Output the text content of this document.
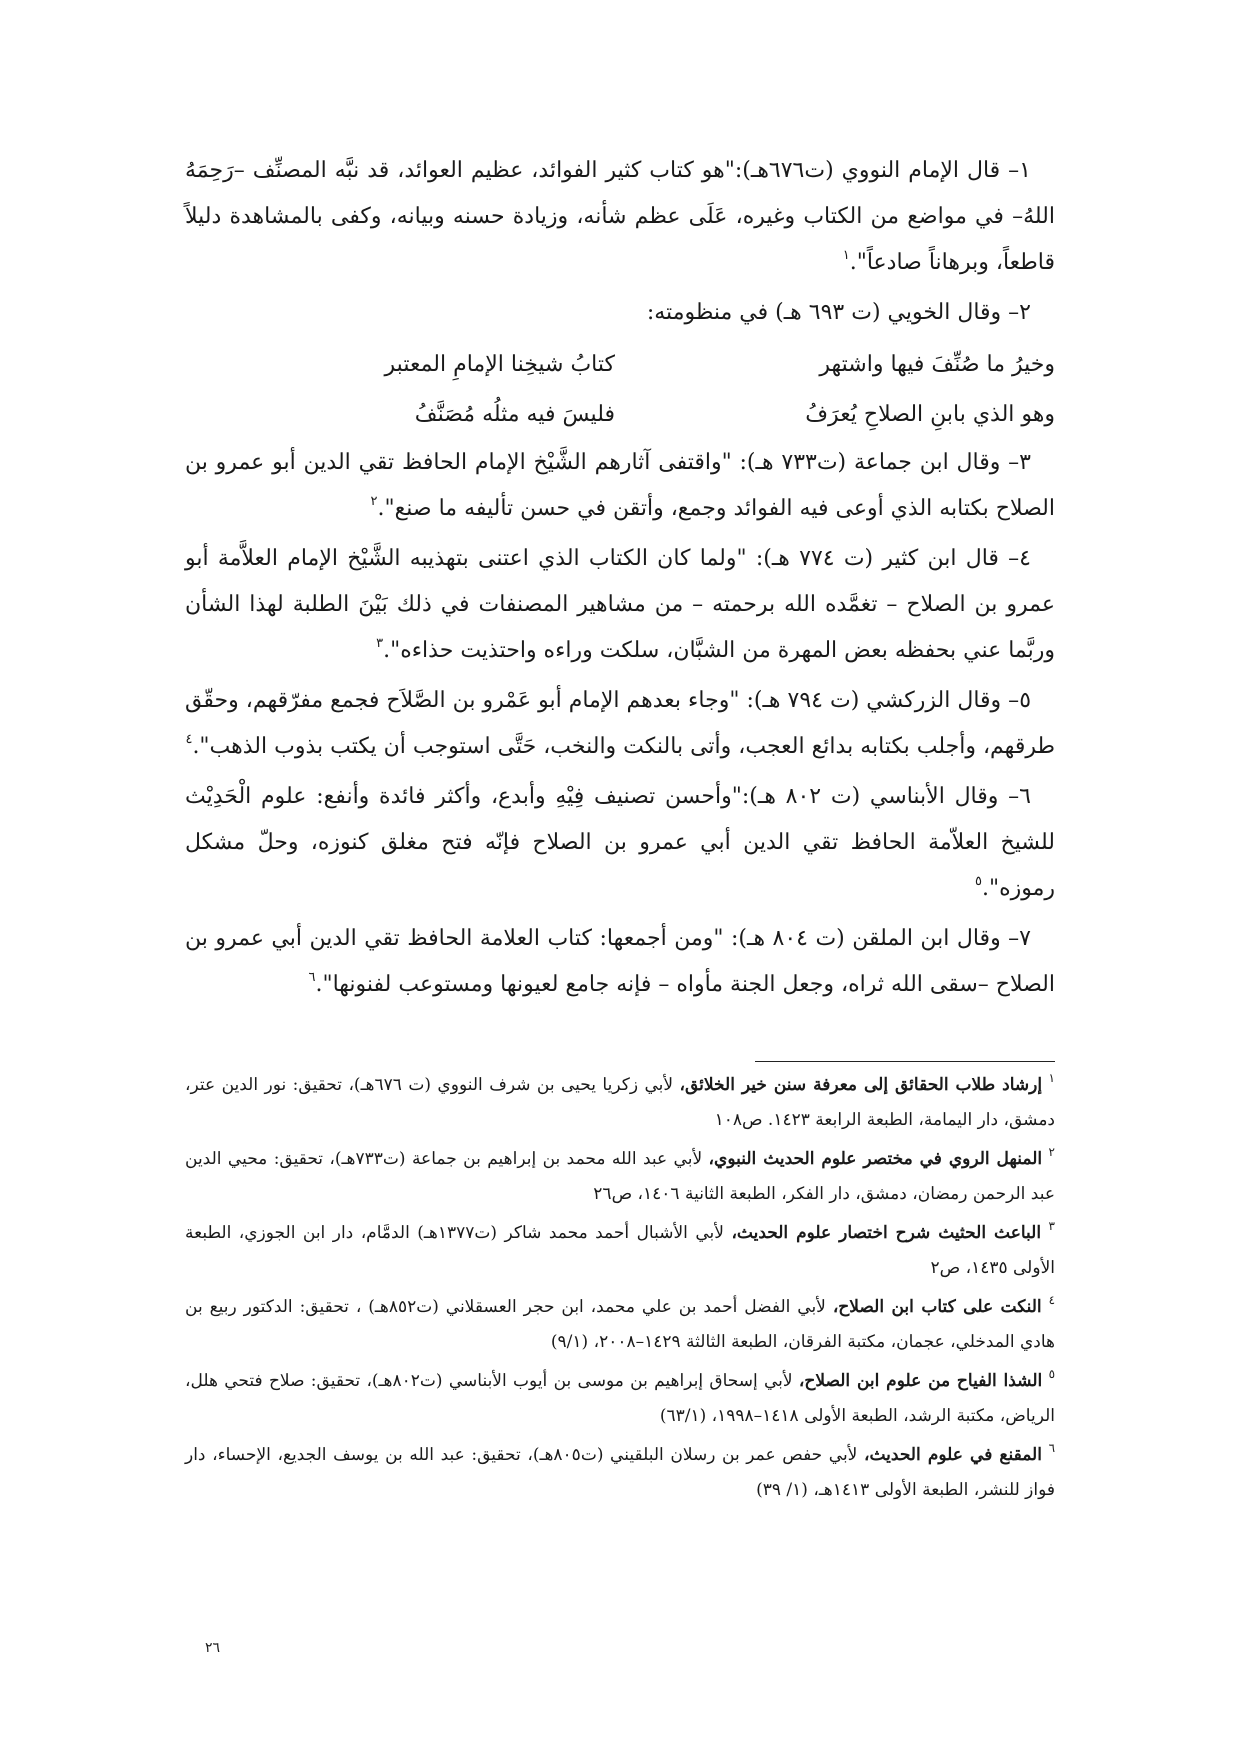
١– قال الإمام النووي (ت٦٧٦هـ):"هو كتاب كثير الفوائد، عظيم العوائد، قد نبَّه المصنِّف –رَحِمَهُ اللهُ– في مواضع من الكتاب وغيره، عَلَى عظم شأنه، وزيادة حسنه وبيانه، وكفى بالمشاهدة دليلاً قاطعاً، وبرهاناً صادعاً".$^١$

٢– وقال الخويي (ت ٦٩٣ هـ) في منظومته:

وخيرُ ما صُنِّفَ فيها واشتهر
كتابُ شيخِنا الإمامِ المعتبر
وهو الذي بابنِ الصلاحِ يُعرَفُ
فليسَ فيه مثلُه مُصَنَّفُ

٣– وقال ابن جماعة (ت٧٣٣ هـ): "واقتفى آثارهم الشَّيْخ الإمام الحافظ تقي الدين أبو عمرو بن الصلاح بكتابه الذي أوعى فيه الفوائد وجمع، وأتقن في حسن تأليفه ما صنع".$^٢$

٤– قال ابن كثير (ت ٧٧٤ هـ): "ولما كان الكتاب الذي اعتنى بتهذيبه الشَّيْخ الإمام العلاَّمة أبو عمرو بن الصلاح – تغمَّده الله برحمته – من مشاهير المصنفات في ذلك بَيْنَ الطلبة لهذا الشأن وربَّما عني بحفظه بعض المهرة من الشبَّان، سلكت وراءه واحتذيت حذاءه".$^٣$

٥– وقال الزركشي (ت ٧٩٤ هـ): "وجاء بعدهم الإمام أبو عَمْرو بن الصَّلاَح فجمع مفرّقهم، وحقّق طرقهم، وأجلب بكتابه بدائع العجب، وأتى بالنكت والنخب، حَتَّى استوجب أن يكتب بذوب الذهب".$^٤$

٦– وقال الأبناسي (ت ٨٠٢ هـ):"وأحسن تصنيف فِيْهِ وأبدع، وأكثر فائدة وأنفع: علوم الْحَدِيْث للشيخ العلاّمة الحافظ تقي الدين أبي عمرو بن الصلاح فإنّه فتح مغلق كنوزه، وحلّ مشكل رموزه".$^٥$

٧– وقال ابن الملقن (ت ٨٠٤ هـ): "ومن أجمعها: كتاب العلامة الحافظ تقي الدين أبي عمرو بن الصلاح –سقى الله ثراه، وجعل الجنة مأواه – فإنه جامع لعيونها ومستوعب لفنونها".$^٦$

$^١$ إرشاد طلاب الحقائق إلى معرفة سنن خير الخلائق، لأبي زكريا يحيى بن شرف النووي (ت ٦٧٦هـ)، تحقيق: نور الدين عتر، دمشق، دار اليمامة، الطبعة الرابعة ١٤٢٣. ص١٠٨

$^٢$ المنهل الروي في مختصر علوم الحديث النبوي، لأبي عبد الله محمد بن إبراهيم بن جماعة (ت٧٣٣هـ)، تحقيق: محيي الدين عبد الرحمن رمضان، دمشق، دار الفكر، الطبعة الثانية ١٤٠٦، ص٢٦

$^٣$ الباعث الحثيث شرح اختصار علوم الحديث، لأبي الأشبال أحمد محمد شاكر (ت١٣٧٧هـ) الدمَّام، دار ابن الجوزي، الطبعة الأولى ١٤٣٥، ص٢

$^٤$ النكت على كتاب ابن الصلاح، لأبي الفضل أحمد بن علي محمد، ابن حجر العسقلاني (ت٨٥٢هـ) ، تحقيق: الدكتور ربيع بن هادي المدخلي، عجمان، مكتبة الفرقان، الطبعة الثالثة ١٤٢٩–٢٠٠٨، (٩/١)

$^٥$ الشذا الفياح من علوم ابن الصلاح، لأبي إسحاق إبراهيم بن موسى بن أيوب الأبناسي (ت٨٠٢هـ)، تحقيق: صلاح فتحي هلل، الرياض، مكتبة الرشد، الطبعة الأولى ١٤١٨–١٩٩٨، (٦٣/١)

$^٦$ المقنع في علوم الحديث، لأبي حفص عمر بن رسلان البلقيني (ت٨٠٥هـ)، تحقيق: عبد الله بن يوسف الجديع، الإحساء، دار فواز للنشر، الطبعة الأولى ١٤١٣هـ، (١/ ٣٩)

٢٦
